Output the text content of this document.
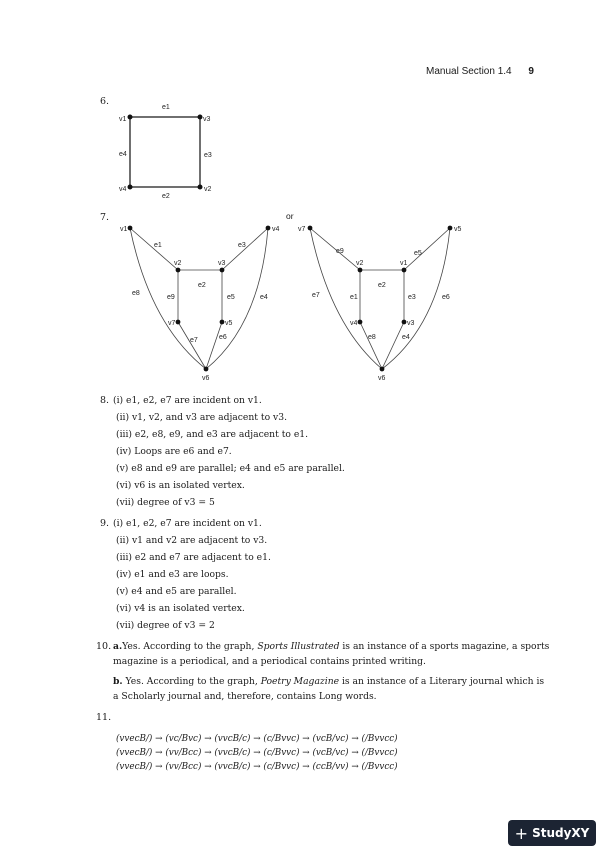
Manual Section 1.4 9
6.
v1	v3
v4	v2
e1
e2
e3
e4
7.	or
v1	v4
v2	v3
v7	v5
v6
e1
e2
e3
e4
e5
e6
e7
e8
e9
v7	v5
v2	v1
v4	v3
v6
e1
e2
e3
e4
e5
e6
e7
e8
e9
8. (i) e1, e2, e7 are incident on v1.
(ii) v1, v2, and v3 are adjacent to v3.
(iii) e2, e8, e9, and e3 are adjacent to e1.
(iv) Loops are e6 and e7.
(v) e8 and e9 are parallel; e4 and e5 are parallel.
(vi) v6 is an isolated vertex.
(vii) degree of v3 = 5
9. (i) e1, e2, e7 are incident on v1.
(ii) v1 and v2 are adjacent to v3.
(iii) e2 and e7 are adjacent to e1.
(iv) e1 and e3 are loops.
(v) e4 and e5 are parallel.
(vi) v4 is an isolated vertex.
(vii) degree of v3 = 2
10. a.Yes. According to the graph, Sports Illustrated is an instance of a sports magazine, a sports
magazine is a periodical, and a periodical contains printed writing.
b. Yes. According to the graph, Poetry Magazine is an instance of a Literary journal which is
a Scholarly journal and, therefore, contains Long words.
11.
(vvecB/) → (vc/Bvc) → (vvcB/c) → (c/Bvvc) → (vcB/vc) → (/Bvvcc)
(vvecB/) → (vv/Bcc) → (vvcB/c) → (c/Bvvc) → (vcB/vc) → (/Bvvcc)
(vvecB/) → (vv/Bcc) → (vvcB/c) → (c/Bvvc) → (ccB/vv) → (/Bvvcc)
+ StudyXY
